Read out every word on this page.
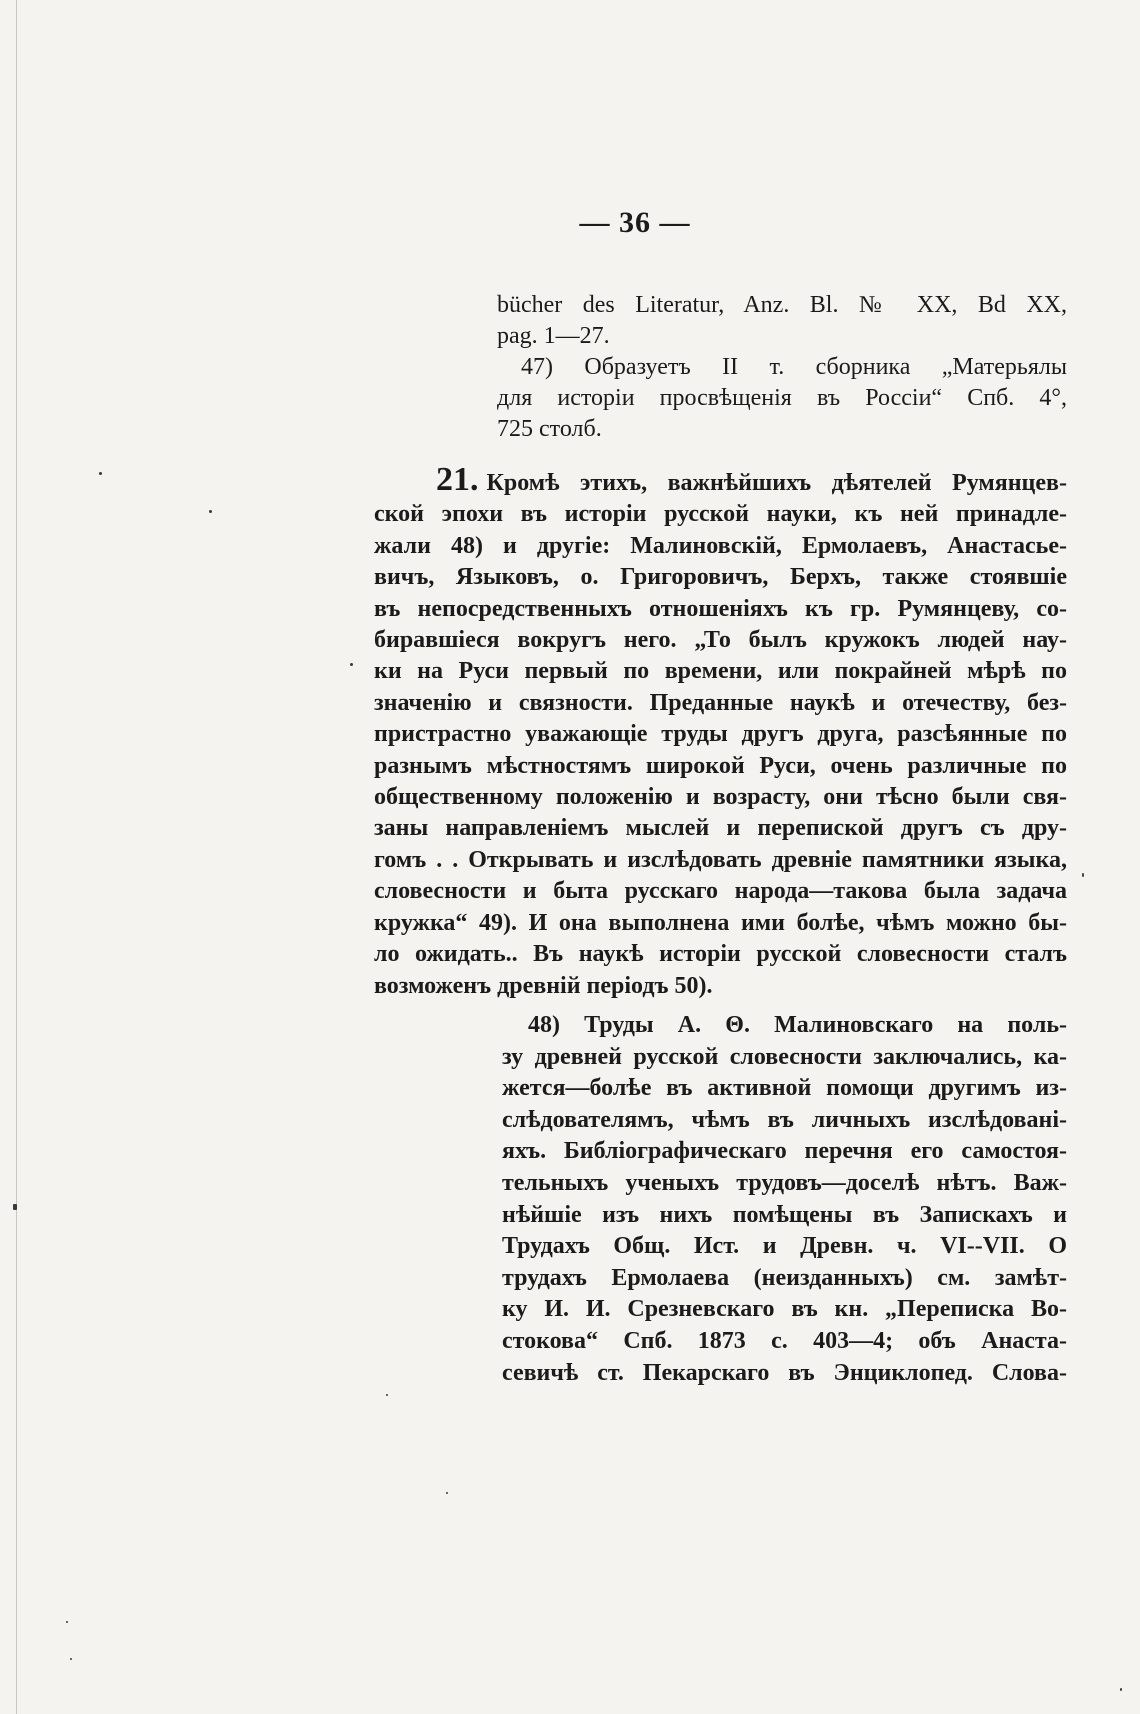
— 36 —
bücher des Literatur, Anz. Bl. № XX, Bd XX,
pag. 1—27.
47) Образуетъ II т. сборника „Матерьялы
для исторіи просвѣщенія въ Россіи“ Спб. 4°,
725 столб.
21. Кромѣ этихъ, важнѣйшихъ дѣятелей Румянцев-
ской эпохи въ исторіи русской науки, къ ней принадле-
жали 48) и другіе: Малиновскій, Ермолаевъ, Анастасье-
вичъ, Языковъ, о. Григоровичъ, Берхъ, также стоявшіе
въ непосредственныхъ отношеніяхъ къ гр. Румянцеву, со-
биравшіеся вокругъ него. „То былъ кружокъ людей нау-
ки на Руси первый по времени, или покрайней мѣрѣ по
значенію и связности. Преданные наукѣ и отечеству, без-
пристрастно уважающіе труды другъ друга, разсѣянные по
разнымъ мѣстностямъ широкой Руси, очень различные по
общественному положенію и возрасту, они тѣсно были свя-
заны направленіемъ мыслей и перепиской другъ съ дру-
гомъ . . Открывать и изслѣдовать древніе памятники языка,
словесности и быта русскаго народа—такова была задача
кружка“ 49). И она выполнена ими болѣе, чѣмъ можно бы-
ло ожидать.. Въ наукѣ исторіи русской словесности сталъ
возможенъ древній періодъ 50).
48) Труды А. Θ. Малиновскаго на поль-
зу древней русской словесности заключались, ка-
жется—болѣе въ активной помощи другимъ из-
слѣдователямъ, чѣмъ въ личныхъ изслѣдованi-
яхъ. Библіографическаго перечня его самостоя-
тельныхъ ученыхъ трудовъ—доселѣ нѣтъ. Важ-
нѣйшіе изъ нихъ помѣщены въ Запискахъ и
Трудахъ Общ. Ист. и Древн. ч. VI--VII. О
трудахъ Ермолаева (неизданныхъ) см. замѣт-
ку И. И. Срезневскаго въ кн. „Переписка Во-
стокова“ Спб. 1873 с. 403—4; объ Анаста-
севичѣ ст. Пекарскаго въ Энциклопед. Слова-
